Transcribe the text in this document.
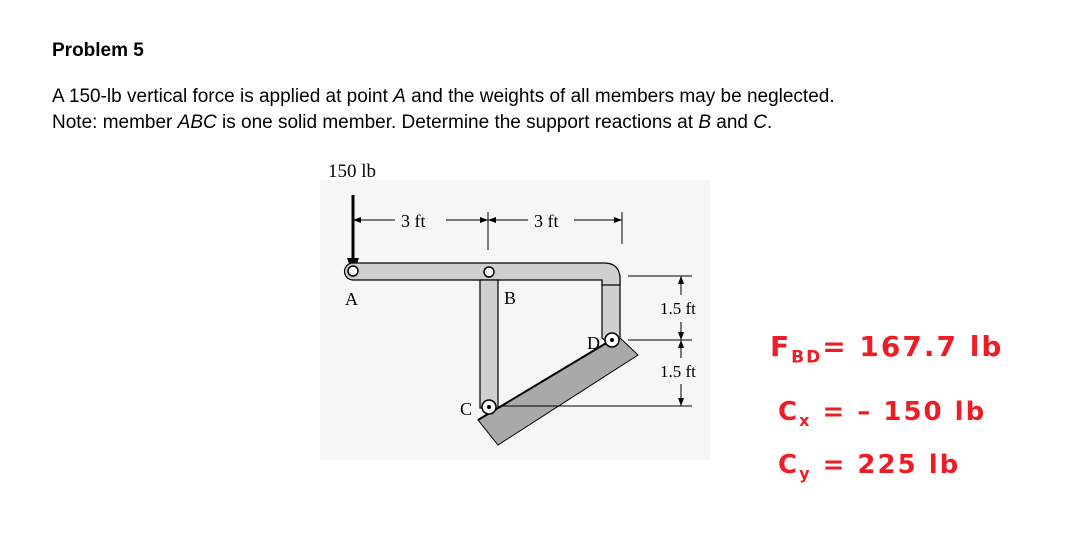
Problem 5
A 150-lb vertical force is applied at point A and the weights of all members may be neglected.
Note: member ABC is one solid member. Determine the support reactions at B and C.
150 lb
3 ft	3 ft
1.5 ft
1.5 ft
A	B
C
D	$F_{BD}= 167.7$ lb
$C_x$ = – 150 lb
$C_y = 225$ lb
